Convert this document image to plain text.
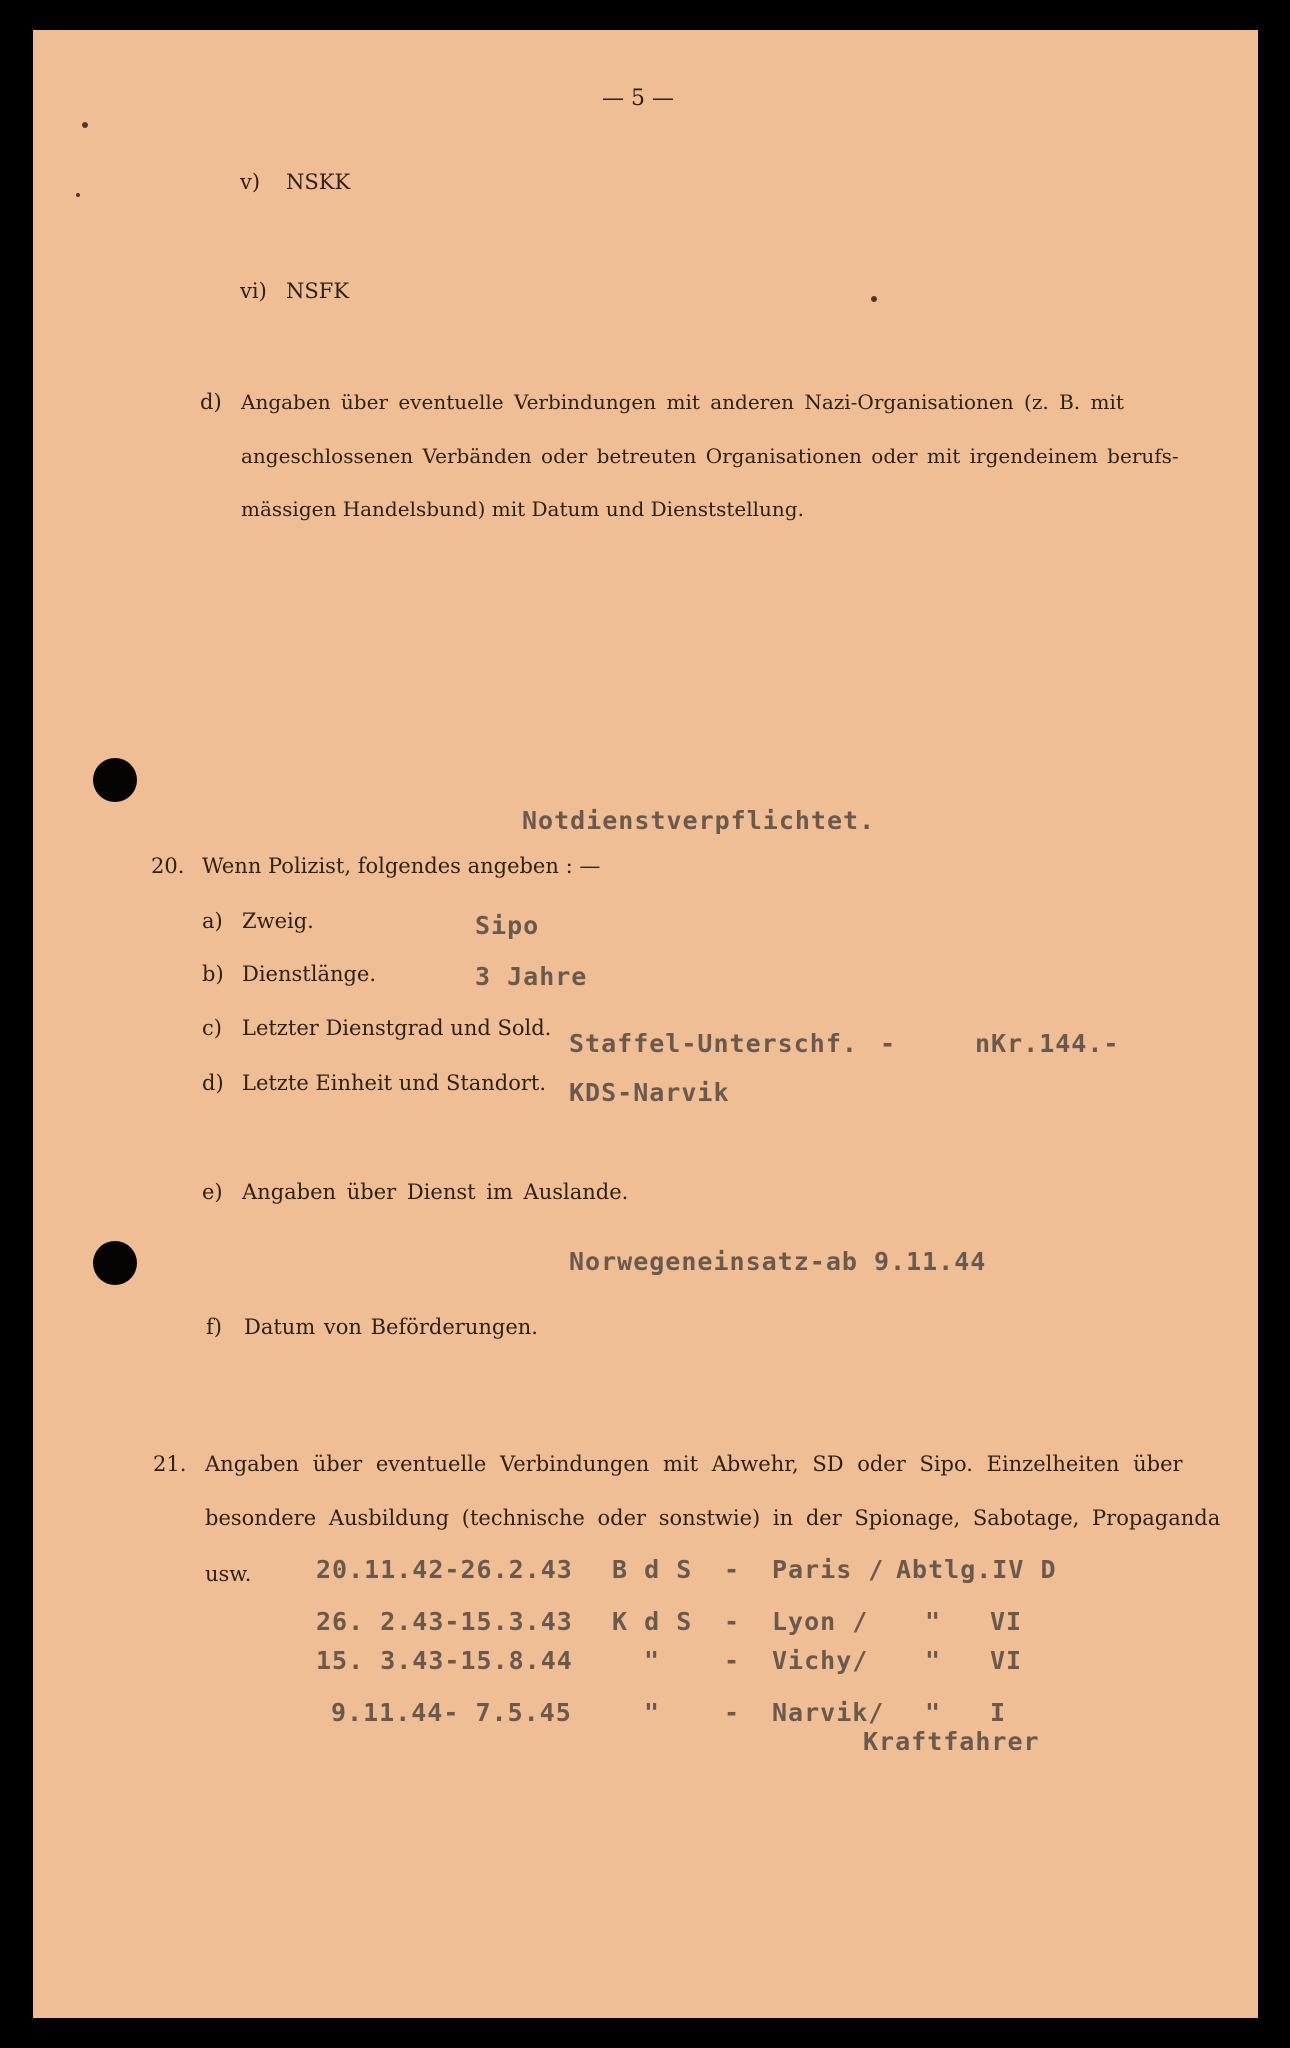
— 5 —
v) NSKK
vi) NSFK
d) Angaben über eventuelle Verbindungen mit anderen Nazi-Organisationen (z. B. mit
angeschlossenen Verbänden oder betreuten Organisationen oder mit irgendeinem berufs-
mässigen Handelsbund) mit Datum und Dienststellung.
Notdienstverpflichtet.
20. Wenn Polizist, folgendes angeben : —
a) Zweig.	Sipo
b) Dienstlänge.	3 Jahre
c) Letzter Dienstgrad und Sold.
Staffel-Unterschf. -	nKr.144.-
d) Letzte Einheit und Standort. KDS-Narvik
e) Angaben über Dienst im Auslande.
Norwegeneinsatz-ab 9.11.44
f) Datum von Beförderungen.
21. Angaben über eventuelle Verbindungen mit Abwehr, SD oder Sipo. Einzelheiten über
besondere Ausbildung (technische oder sonstwie) in der Spionage, Sabotage, Propaganda
usw.	20.11.42-26.2.43 B d S - Paris / Abtlg.IV D
26. 2.43-15.3.43 K d S - Lyon / " VI
15. 3.43-15.8.44	"	- Vichy/ " VI
9.11.44- 7.5.45	"	- Narvik/ " I
Kraftfahrer
